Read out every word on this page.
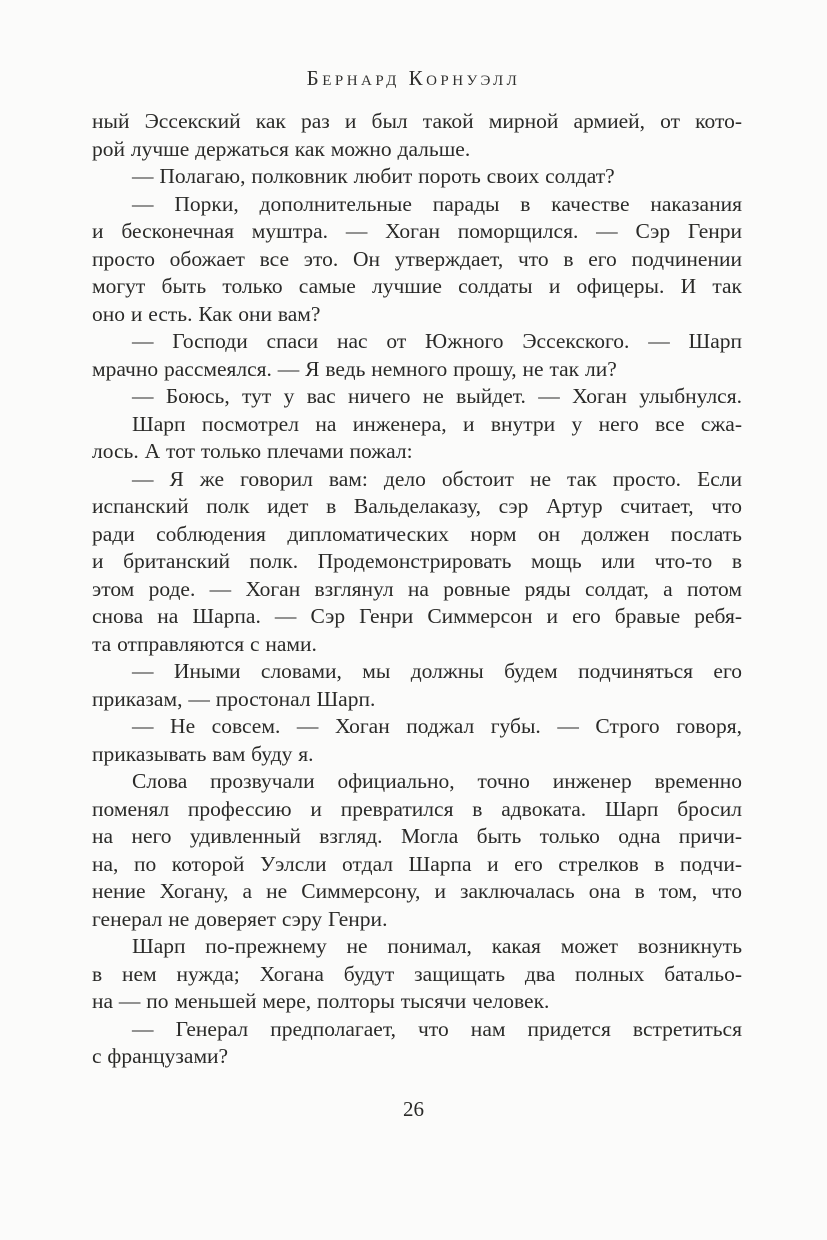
Бернард Корнуэлл
ный Эссекский как раз и был такой мирной армией, от кото-
рой лучше держаться как можно дальше.
— Полагаю, полковник любит пороть своих солдат?
— Порки, дополнительные парады в качестве наказания
и бесконечная муштра. — Хоган поморщился. — Сэр Генри
просто обожает все это. Он утверждает, что в его подчинении
могут быть только самые лучшие солдаты и офицеры. И так
оно и есть. Как они вам?
— Господи спаси нас от Южного Эссекского. — Шарп
мрачно рассмеялся. — Я ведь немного прошу, не так ли?
— Боюсь, тут у вас ничего не выйдет. — Хоган улыбнулся.
Шарп посмотрел на инженера, и внутри у него все сжа-
лось. А тот только плечами пожал:
— Я же говорил вам: дело обстоит не так просто. Если
испанский полк идет в Вальделаказу, сэр Артур считает, что
ради соблюдения дипломатических норм он должен послать
и британский полк. Продемонстрировать мощь или что-то в
этом роде. — Хоган взглянул на ровные ряды солдат, а потом
снова на Шарпа. — Сэр Генри Симмерсон и его бравые ребя-
та отправляются с нами.
— Иными словами, мы должны будем подчиняться его
приказам, — простонал Шарп.
— Не совсем. — Хоган поджал губы. — Строго говоря,
приказывать вам буду я.
Слова прозвучали официально, точно инженер временно
поменял профессию и превратился в адвоката. Шарп бросил
на него удивленный взгляд. Могла быть только одна причи-
на, по которой Уэлсли отдал Шарпа и его стрелков в подчи-
нение Хогану, а не Симмерсону, и заключалась она в том, что
генерал не доверяет сэру Генри.
Шарп по-прежнему не понимал, какая может возникнуть
в нем нужда; Хогана будут защищать два полных батальо-
на — по меньшей мере, полторы тысячи человек.
— Генерал предполагает, что нам придется встретиться
с французами?
26
